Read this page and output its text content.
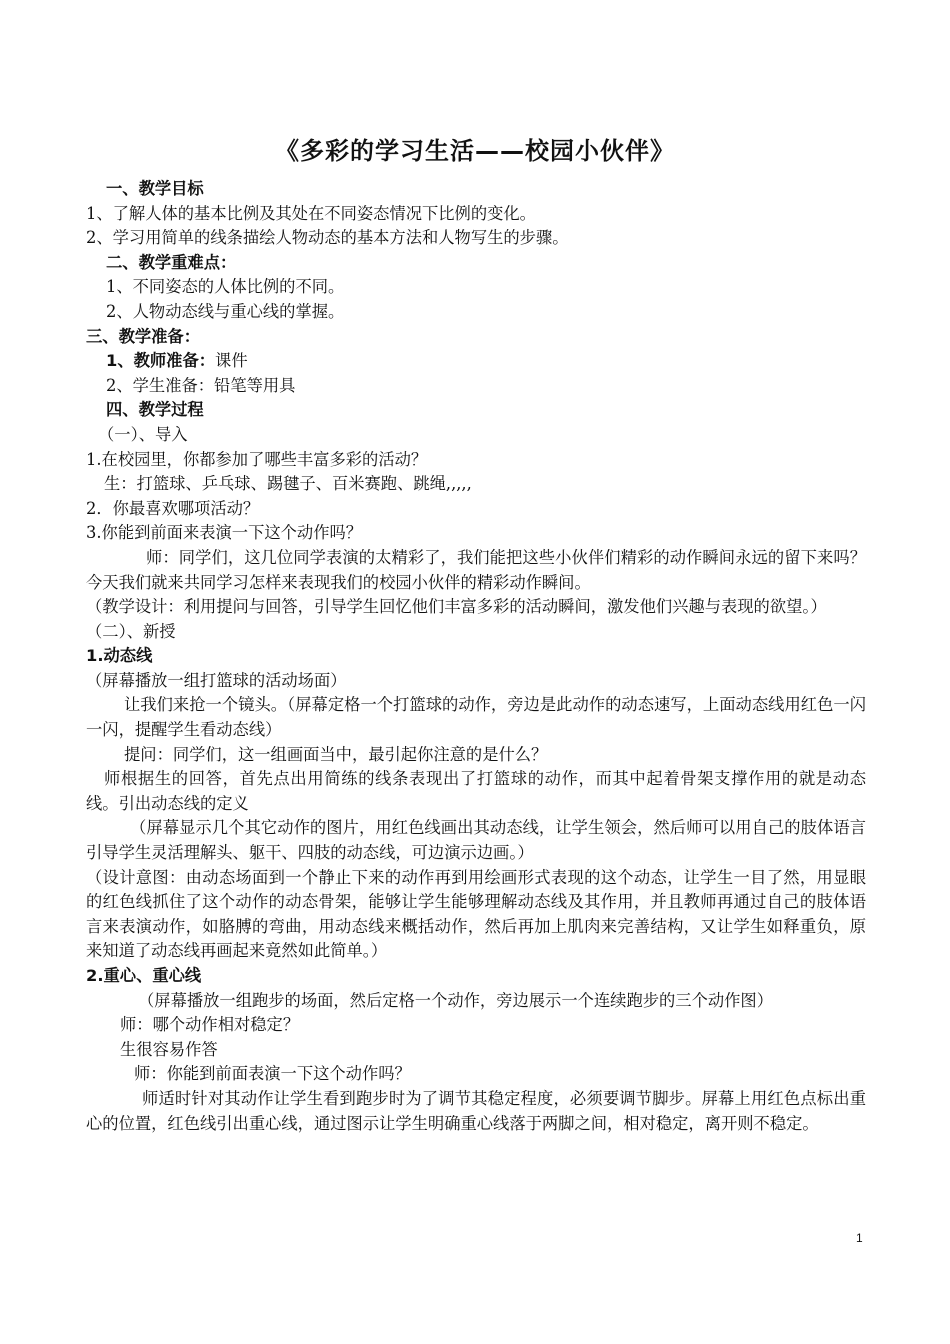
《多彩的学习生活——校园小伙伴》

一、教学目标

1、了解人体的基本比例及其处在不同姿态情况下比例的变化。

2、学习用简单的线条描绘人物动态的基本方法和人物写生的步骤。

二、教学重难点：

1、不同姿态的人体比例的不同。

2、人物动态线与重心线的掌握。

三、教学准备：

1、教师准备：课件

2、学生准备：铅笔等用具

四、教学过程

（一）、导入

1.在校园里，你都参加了哪些丰富多彩的活动？

生：打篮球、乒乓球、踢毽子、百米赛跑、跳绳,,,,,

2．你最喜欢哪项活动？

3.你能到前面来表演一下这个动作吗？

师：同学们，这几位同学表演的太精彩了，我们能把这些小伙伴们精彩的动作瞬间永远的留下来吗？今天我们就来共同学习怎样来表现我们的校园小伙伴的精彩动作瞬间。

（教学设计：利用提问与回答，引导学生回忆他们丰富多彩的活动瞬间，激发他们兴趣与表现的欲望。）

（二）、新授

1.动态线

（屏幕播放一组打篮球的活动场面）

让我们来抢一个镜头。（屏幕定格一个打篮球的动作，旁边是此动作的动态速写，上面动态线用红色一闪一闪，提醒学生看动态线）

提问：同学们，这一组画面当中，最引起你注意的是什么？

师根据生的回答，首先点出用简练的线条表现出了打篮球的动作，而其中起着骨架支撑作用的就是动态线。引出动态线的定义

（屏幕显示几个其它动作的图片，用红色线画出其动态线，让学生领会，然后师可以用自己的肢体语言引导学生灵活理解头、躯干、四肢的动态线，可边演示边画。）

（设计意图：由动态场面到一个静止下来的动作再到用绘画形式表现的这个动态，让学生一目了然，用显眼的红色线抓住了这个动作的动态骨架，能够让学生能够理解动态线及其作用，并且教师再通过自己的肢体语言来表演动作，如胳膊的弯曲，用动态线来概括动作，然后再加上肌肉来完善结构，又让学生如释重负，原来知道了动态线再画起来竟然如此简单。）

2.重心、重心线

（屏幕播放一组跑步的场面，然后定格一个动作，旁边展示一个连续跑步的三个动作图）

师：哪个动作相对稳定？

生很容易作答

师：你能到前面表演一下这个动作吗？

师适时针对其动作让学生看到跑步时为了调节其稳定程度，必须要调节脚步。屏幕上用红色点标出重心的位置，红色线引出重心线，通过图示让学生明确重心线落于两脚之间，相对稳定，离开则不稳定。

1
